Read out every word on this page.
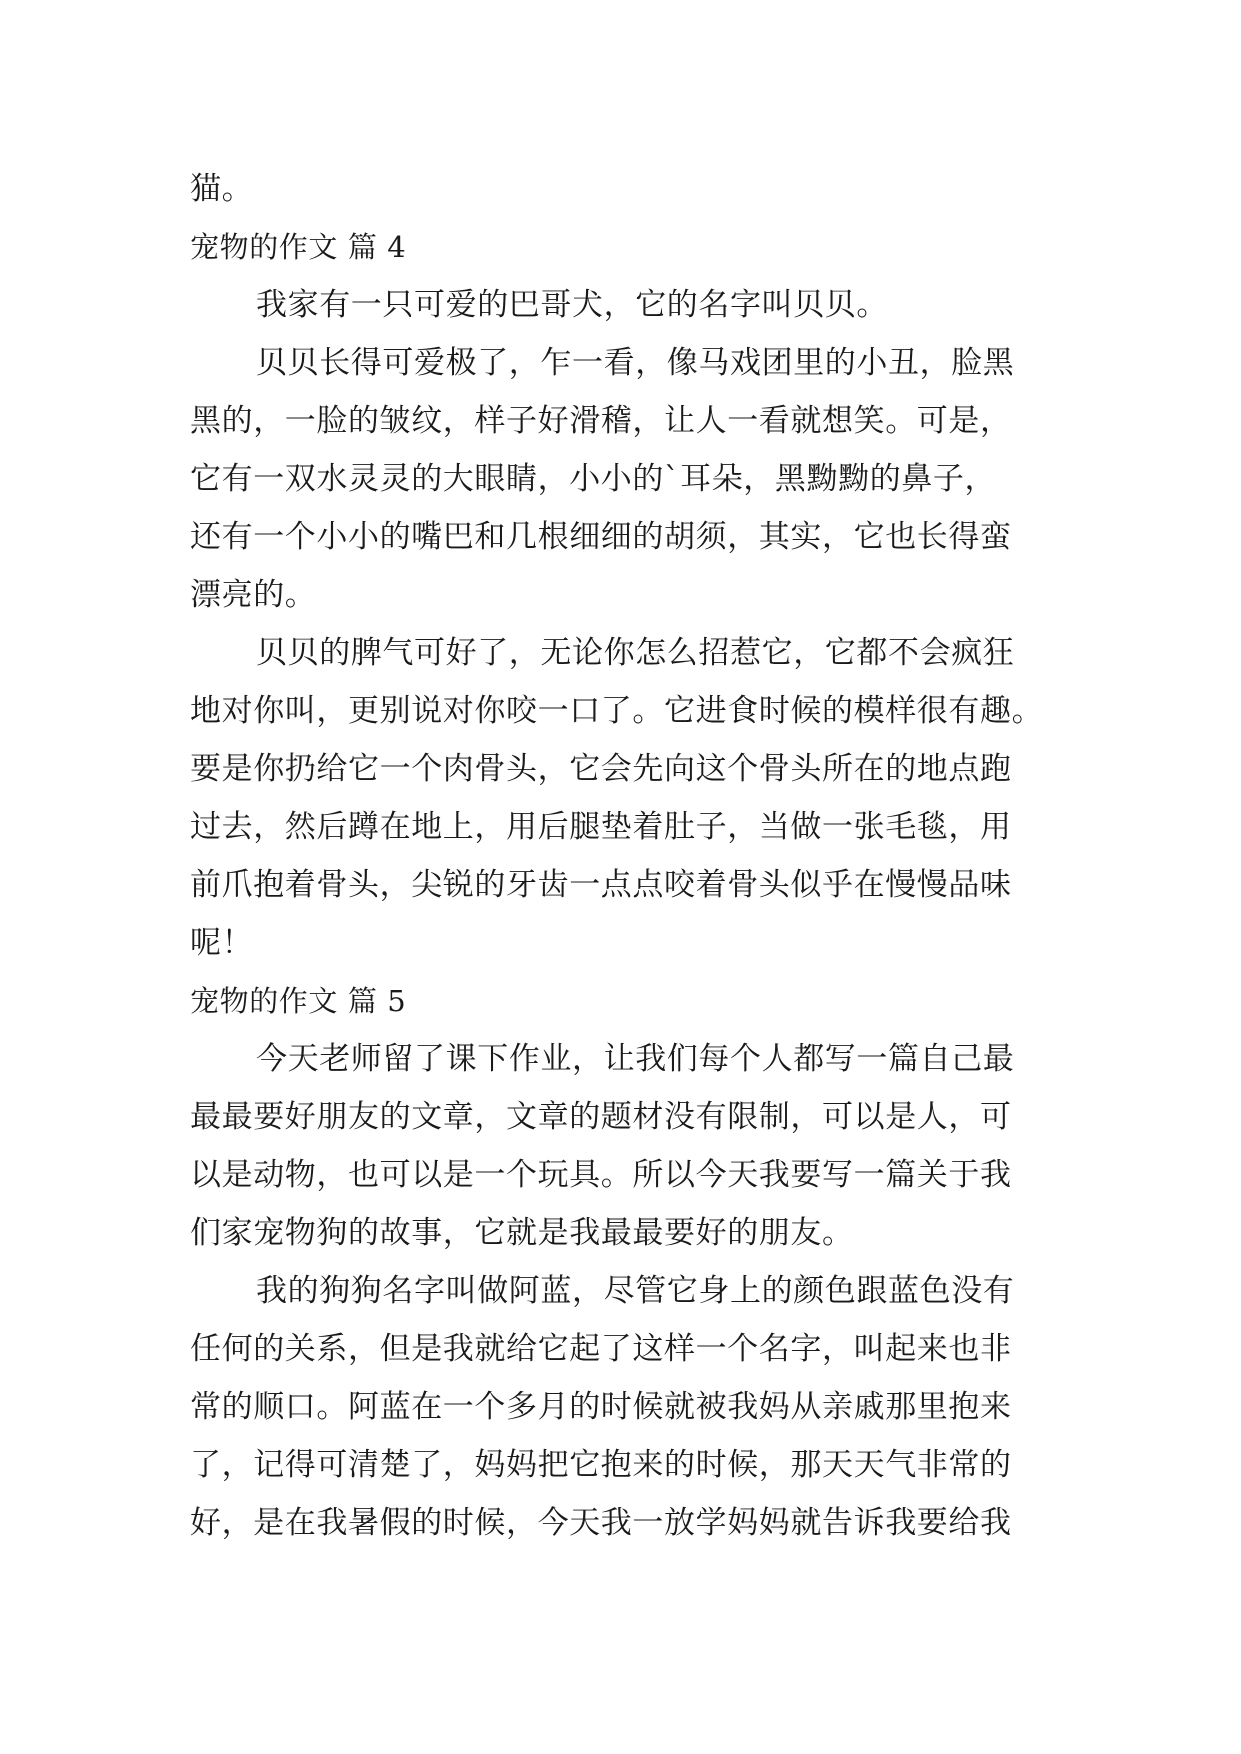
猫。
宠物的作文 篇 4
我家有一只可爱的巴哥犬，它的名字叫贝贝。
贝贝长得可爱极了，乍一看，像马戏团里的小丑，脸黑
黑的，一脸的皱纹，样子好滑稽，让人一看就想笑。可是，
它有一双水灵灵的大眼睛，小小的`耳朵，黑黝黝的鼻子，
还有一个小小的嘴巴和几根细细的胡须，其实，它也长得蛮
漂亮的。
贝贝的脾气可好了，无论你怎么招惹它，它都不会疯狂
地对你叫，更别说对你咬一口了。它进食时候的模样很有趣。
要是你扔给它一个肉骨头，它会先向这个骨头所在的地点跑
过去，然后蹲在地上，用后腿垫着肚子，当做一张毛毯，用
前爪抱着骨头，尖锐的牙齿一点点咬着骨头似乎在慢慢品味
呢！
宠物的作文 篇 5
今天老师留了课下作业，让我们每个人都写一篇自己最
最最要好朋友的文章，文章的题材没有限制，可以是人，可
以是动物，也可以是一个玩具。所以今天我要写一篇关于我
们家宠物狗的故事，它就是我最最要好的朋友。
我的狗狗名字叫做阿蓝，尽管它身上的颜色跟蓝色没有
任何的关系，但是我就给它起了这样一个名字，叫起来也非
常的顺口。阿蓝在一个多月的时候就被我妈从亲戚那里抱来
了，记得可清楚了，妈妈把它抱来的时候，那天天气非常的
好，是在我暑假的时候，今天我一放学妈妈就告诉我要给我
